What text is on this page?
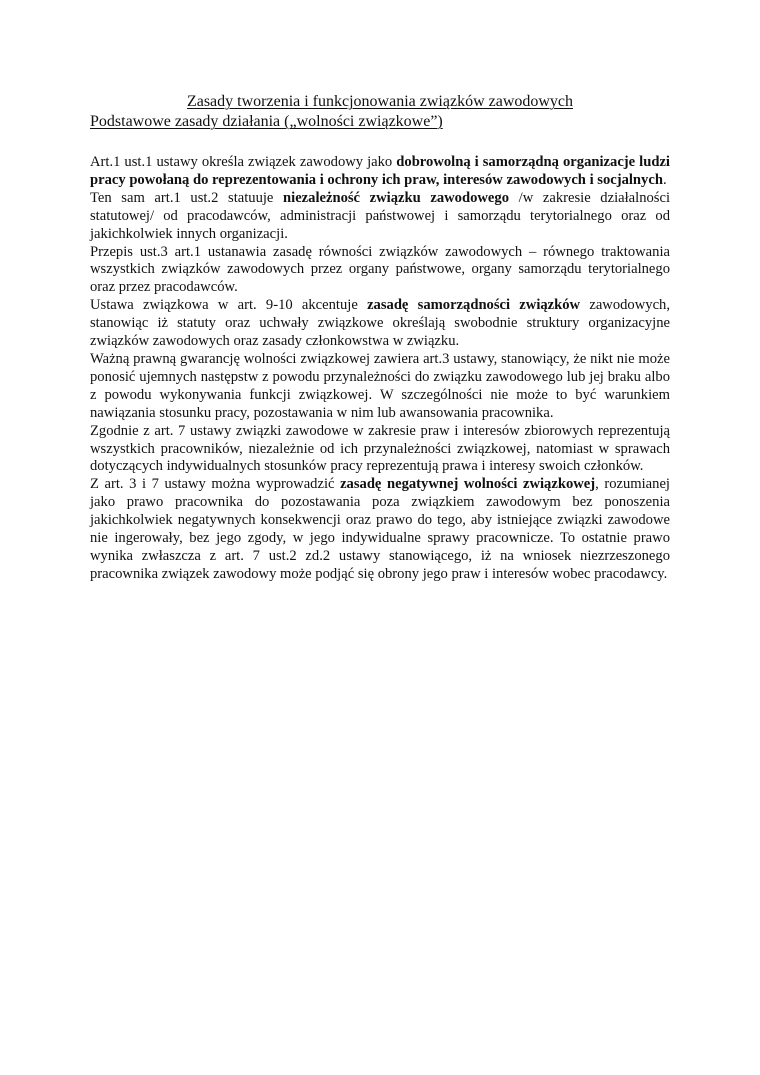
Zasady tworzenia i funkcjonowania związków zawodowych
Podstawowe zasady działania („wolności związkowe”)

Art.1 ust.1 ustawy określa związek zawodowy jako dobrowolną i samorządną organizacje ludzi pracy powołaną do reprezentowania i ochrony ich praw, interesów zawodowych i socjalnych.

Ten sam art.1 ust.2 statuuje niezależność związku zawodowego /w zakresie działalności statutowej/ od pracodawców, administracji państwowej i samorządu terytorialnego oraz od jakichkolwiek innych organizacji.

Przepis ust.3 art.1 ustanawia zasadę równości związków zawodowych – równego traktowania wszystkich związków zawodowych przez organy państwowe, organy samorządu terytorialnego oraz przez pracodawców.

Ustawa związkowa w art. 9-10 akcentuje zasadę samorządności związków zawodowych, stanowiąc iż statuty oraz uchwały związkowe określają swobodnie struktury organizacyjne związków zawodowych oraz zasady członkowstwa w związku.

Ważną prawną gwarancję wolności związkowej zawiera art.3 ustawy, stanowiący, że nikt nie może ponosić ujemnych następstw z powodu przynależności do związku zawodowego lub jej braku albo z powodu wykonywania funkcji związkowej. W szczególności nie może to być warunkiem nawiązania stosunku pracy, pozostawania w nim lub awansowania pracownika.

Zgodnie z art. 7 ustawy związki zawodowe w zakresie praw i interesów zbiorowych reprezentują wszystkich pracowników, niezależnie od ich przynależności związkowej, natomiast w sprawach dotyczących indywidualnych stosunków pracy reprezentują prawa i interesy swoich członków.

Z art. 3 i 7 ustawy można wyprowadzić zasadę negatywnej wolności związkowej, rozumianej jako prawo pracownika do pozostawania poza związkiem zawodowym bez ponoszenia jakichkolwiek negatywnych konsekwencji oraz prawo do tego, aby istniejące związki zawodowe nie ingerowały, bez jego zgody, w jego indywidualne sprawy pracownicze. To ostatnie prawo wynika zwłaszcza z art. 7 ust.2 zd.2 ustawy stanowiącego, iż na wniosek niezrzeszonego pracownika związek zawodowy może podjąć się obrony jego praw i interesów wobec pracodawcy.
